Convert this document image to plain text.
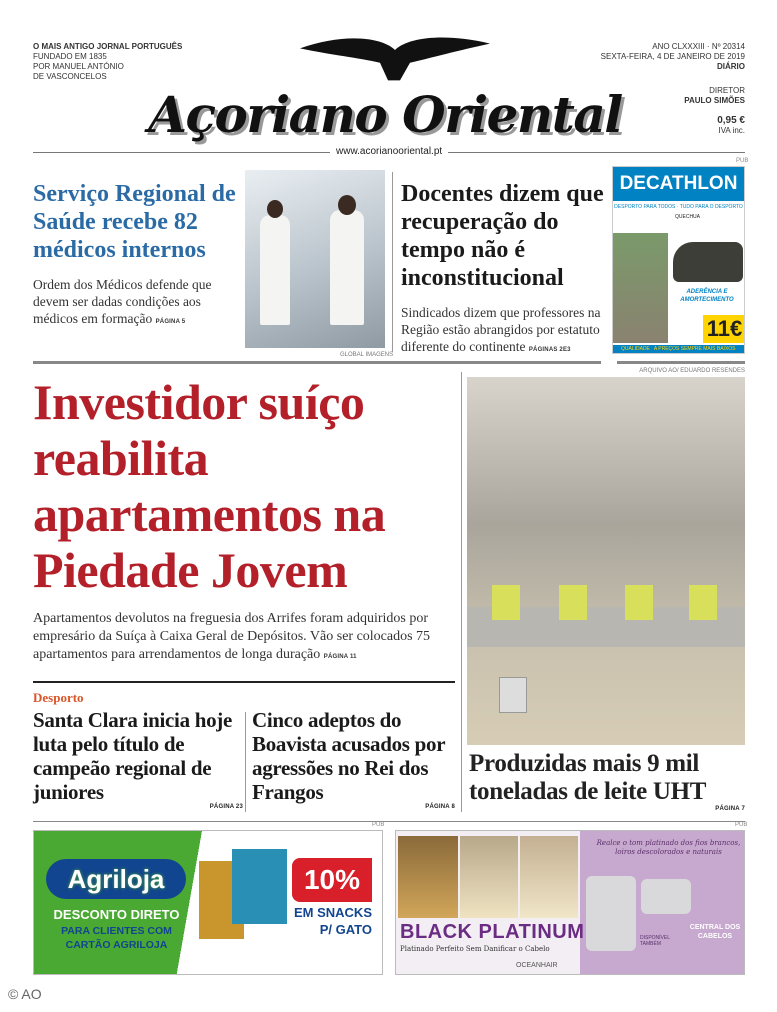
O MAIS ANTIGO JORNAL PORTUGUÊS
FUNDADO EM 1835
POR MANUEL ANTÓNIO
DE VASCONCELOS
Açoriano Oriental
ANO CLXXXIII · Nº 20314
SEXTA-FEIRA, 4 DE JANEIRO DE 2019
DIÁRIO
DIRETOR
PAULO SIMÕES
0,95 €
IVA inc.
www.acorianooriental.pt
Serviço Regional de Saúde recebe 82 médicos internos
Ordem dos Médicos defende que devem ser dadas condições aos médicos em formação PÁGINA 5
GLOBAL IMAGENS
Docentes dizem que recuperação do tempo não é inconstitucional
Sindicados dizem que professores na Região estão abrangidos por estatuto diferente do continente PÁGINAS 2E3
PUB
DECATHLON
DESPORTO PARA TODOS · TUDO PARA O DESPORTO
QUECHUA
ADERÊNCIA E AMORTECIMENTO
11€
QUALIDADE A PREÇOS SEMPRE MAIS BAIXOS
Investidor suíço reabilita apartamentos na Piedade Jovem
Apartamentos devolutos na freguesia dos Arrifes foram adquiridos por empresário da Suíça à Caixa Geral de Depósitos. Vão ser colocados 75 apartamentos para arrendamentos de longa duração PÁGINA 11
Desporto
Santa Clara inicia hoje luta pelo título de campeão regional de juniores
PÁGINA 23
Cinco adeptos do Boavista acusados por agressões no Rei dos Frangos
PÁGINA 8
ARQUIVO AO/ EDUARDO RESENDES
Produzidas mais 9 mil toneladas de leite UHT
PÁGINA 7
PUB	PUB
Agriloja
DESCONTO DIRETO
PARA CLIENTES COM
CARTÃO AGRILOJA
10%
EM SNACKS
P/ GATO
Realce o tom platinado dos fios brancos, loiros descolorados e naturais
DISPONÍVEL TAMBÉM
CENTRAL DOS CABELOS
BLACK PLATINUM
Platinado Perfeito Sem Danificar o Cabelo
OCEANHAIR
© AO
